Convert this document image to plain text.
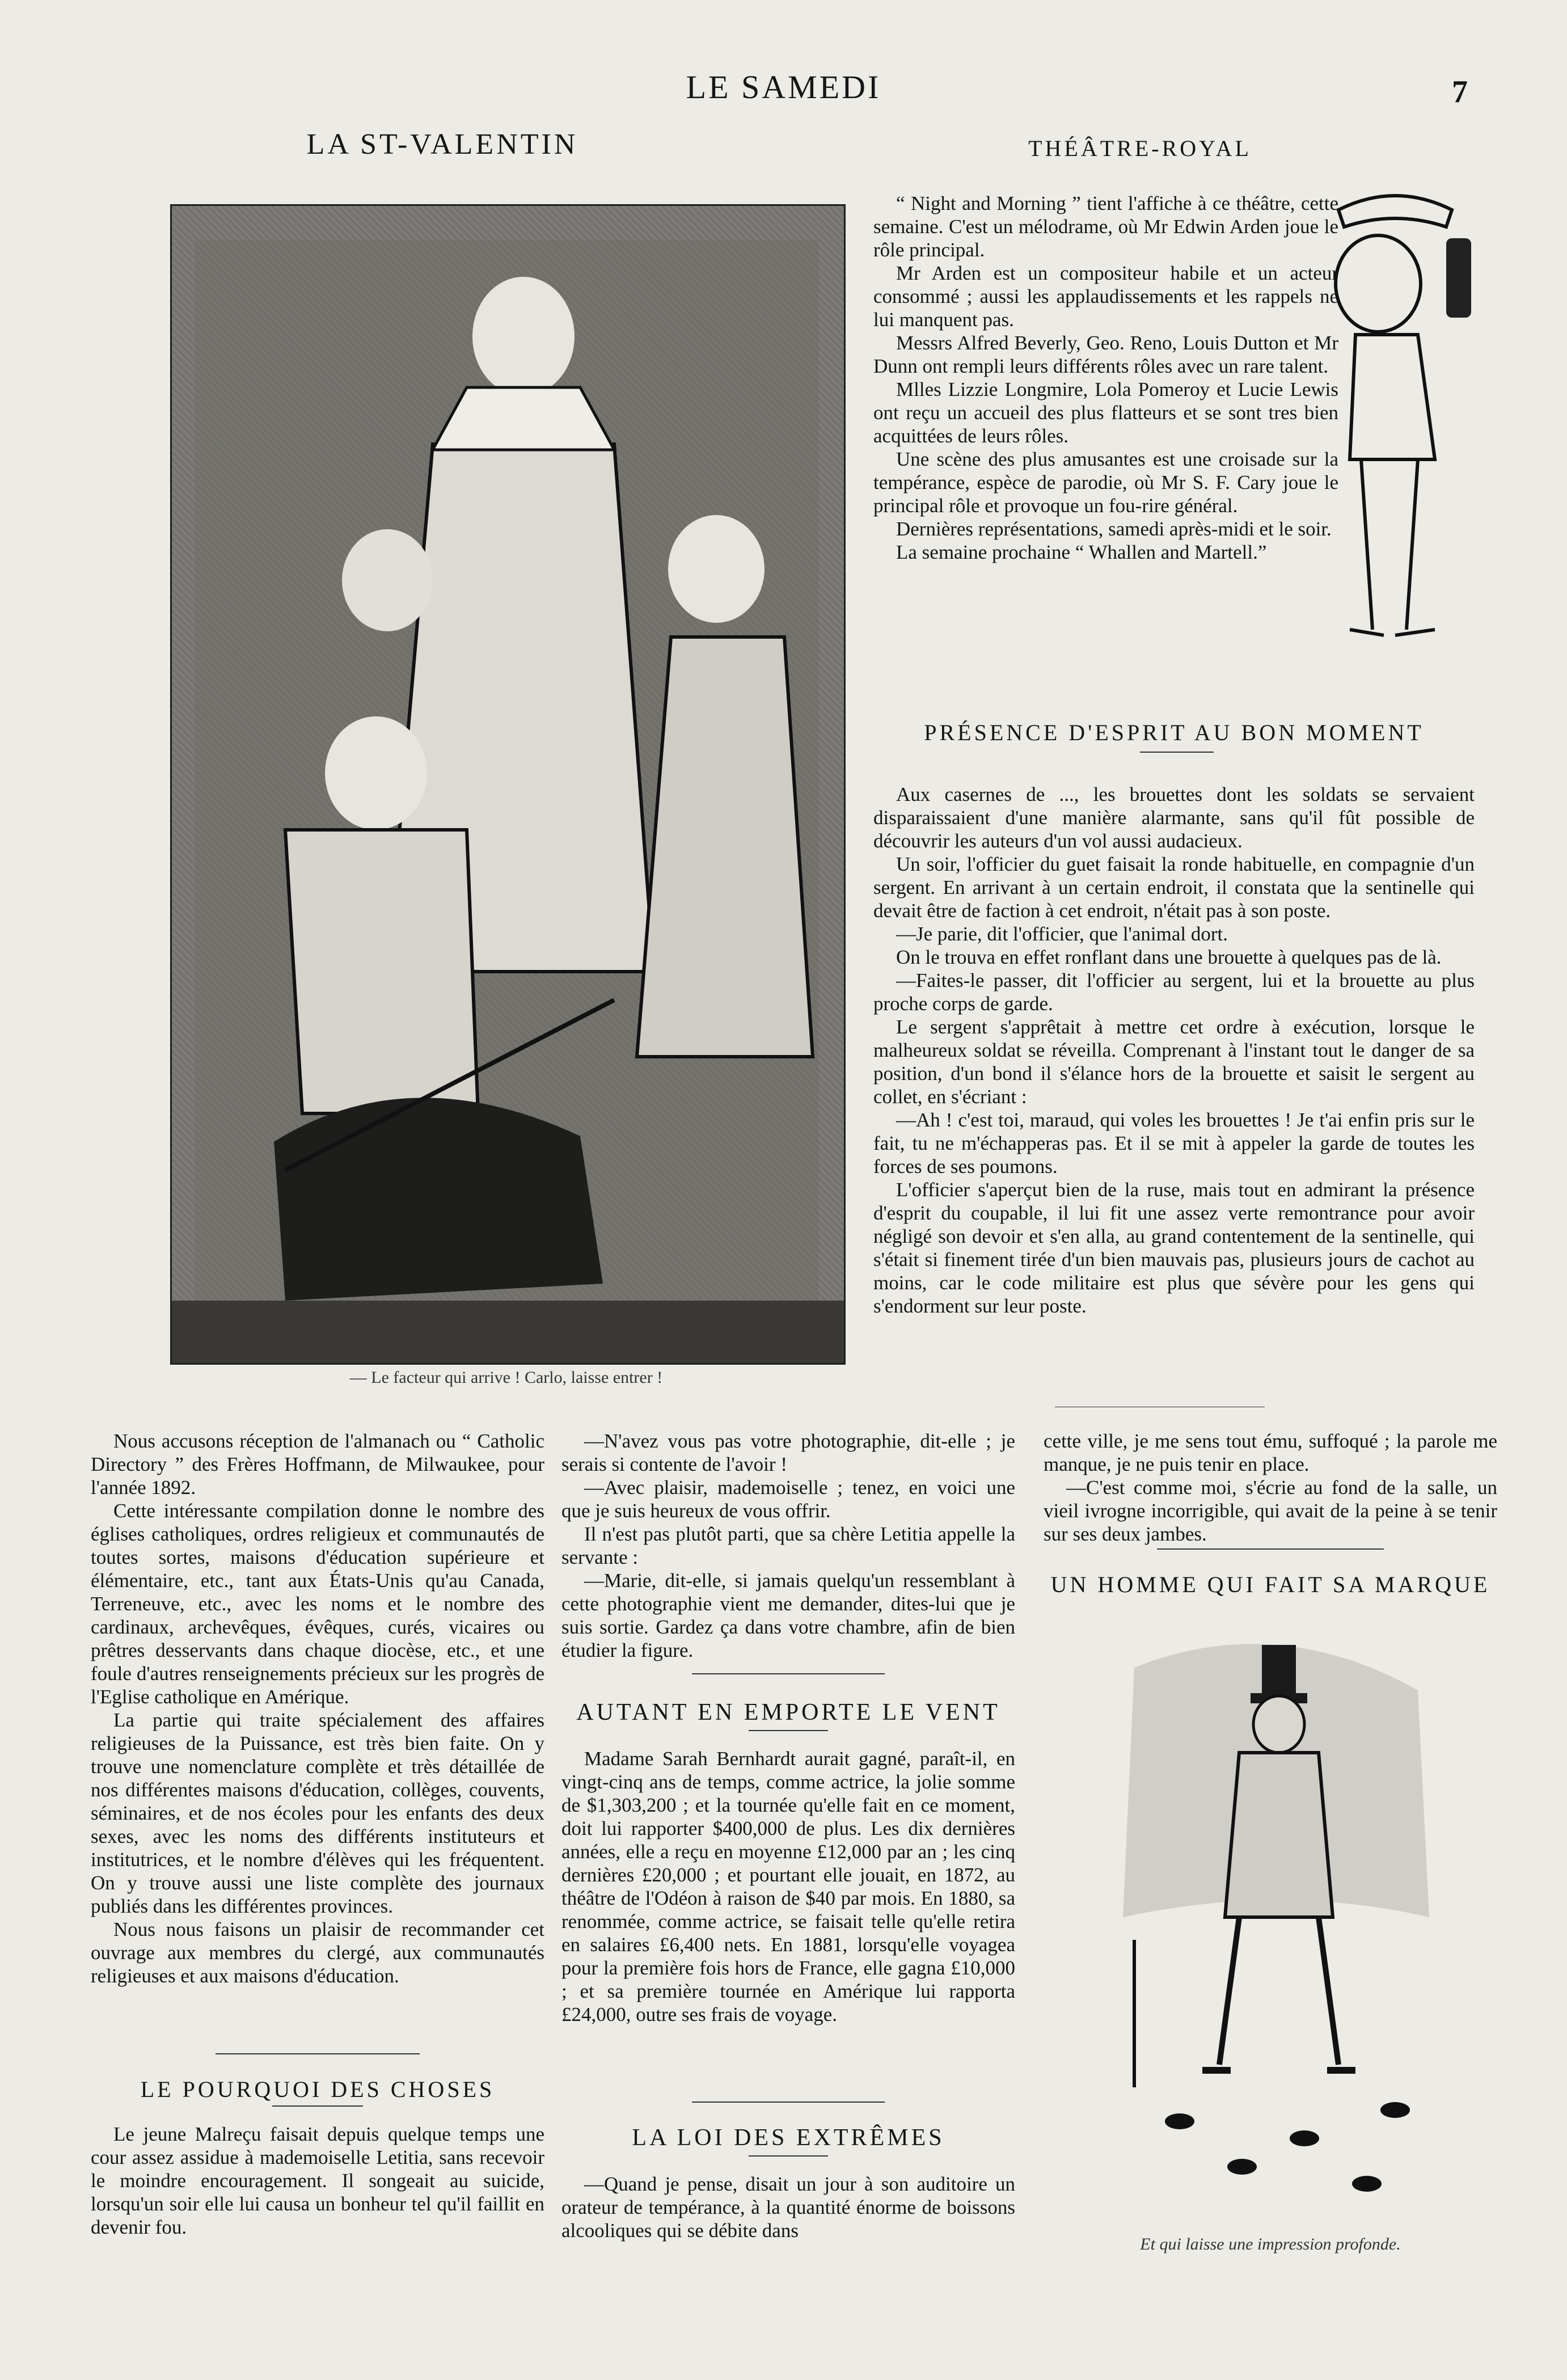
LE SAMEDI	7
LA ST-VALENTIN
— Le facteur qui arrive ! Carlo, laisse entrer !
THÉÂTRE-ROYAL

“ Night and Morning ” tient l'affiche à ce théâtre, cette semaine. C'est un mélodrame, où Mr Edwin Arden joue le rôle principal.

Mr Arden est un compositeur habile et un acteur consommé ; aussi les applaudissements et les rappels ne lui manquent pas.

Messrs Alfred Beverly, Geo. Reno, Louis Dutton et Mr Dunn ont rempli leurs différents rôles avec un rare talent.

Mlles Lizzie Longmire, Lola Pomeroy et Lucie Lewis ont reçu un accueil des plus flatteurs et se sont tres bien acquittées de leurs rôles.

Une scène des plus amusantes est une croisade sur la tempérance, espèce de parodie, où Mr S. F. Cary joue le principal rôle et provoque un fou-rire général.

Dernières représentations, samedi après-midi et le soir.

La semaine prochaine “ Whallen and Martell.”

PRÉSENCE D'ESPRIT AU BON MOMENT

Aux casernes de ..., les brouettes dont les soldats se servaient disparaissaient d'une manière alarmante, sans qu'il fût possible de découvrir les auteurs d'un vol aussi audacieux.

Un soir, l'officier du guet faisait la ronde habituelle, en compagnie d'un sergent. En arrivant à un certain endroit, il constata que la sentinelle qui devait être de faction à cet endroit, n'était pas à son poste.

—Je parie, dit l'officier, que l'animal dort.

On le trouva en effet ronflant dans une brouette à quelques pas de là.

—Faites-le passer, dit l'officier au sergent, lui et la brouette au plus proche corps de garde.

Le sergent s'apprêtait à mettre cet ordre à exécution, lorsque le malheureux soldat se réveilla. Comprenant à l'instant tout le danger de sa position, d'un bond il s'élance hors de la brouette et saisit le sergent au collet, en s'écriant :

—Ah ! c'est toi, maraud, qui voles les brouettes ! Je t'ai enfin pris sur le fait, tu ne m'échapperas pas. Et il se mit à appeler la garde de toutes les forces de ses poumons.

L'officier s'aperçut bien de la ruse, mais tout en admirant la présence d'esprit du coupable, il lui fit une assez verte remontrance pour avoir négligé son devoir et s'en alla, au grand contentement de la sentinelle, qui s'était si finement tirée d'un bien mauvais pas, plusieurs jours de cachot au moins, car le code militaire est plus que sévère pour les gens qui s'endorment sur leur poste.

Nous accusons réception de l'almanach ou “ Catholic Directory ” des Frères Hoffmann, de Milwaukee, pour l'année 1892.

Cette intéressante compilation donne le nombre des églises catholiques, ordres religieux et communautés de toutes sortes, maisons d'éducation supérieure et élémentaire, etc., tant aux États-Unis qu'au Canada, Terreneuve, etc., avec les noms et le nombre des cardinaux, archevêques, évêques, curés, vicaires ou prêtres desservants dans chaque diocèse, etc., et une foule d'autres renseignements précieux sur les progrès de l'Eglise catholique en Amérique.

La partie qui traite spécialement des affaires religieuses de la Puissance, est très bien faite. On y trouve une nomenclature complète et très détaillée de nos différentes maisons d'éducation, collèges, couvents, séminaires, et de nos écoles pour les enfants des deux sexes, avec les noms des différents instituteurs et institutrices, et le nombre d'élèves qui les fréquentent. On y trouve aussi une liste complète des journaux publiés dans les différentes provinces.

Nous nous faisons un plaisir de recommander cet ouvrage aux membres du clergé, aux communautés religieuses et aux maisons d'éducation.

LE POURQUOI DES CHOSES

Le jeune Malreçu faisait depuis quelque temps une cour assez assidue à mademoiselle Letitia, sans recevoir le moindre encouragement. Il songeait au suicide, lorsqu'un soir elle lui causa un bonheur tel qu'il faillit en devenir fou.

—N'avez vous pas votre photographie, dit-elle ; je serais si contente de l'avoir !

—Avec plaisir, mademoiselle ; tenez, en voici une que je suis heureux de vous offrir.

Il n'est pas plutôt parti, que sa chère Letitia appelle la servante :

—Marie, dit-elle, si jamais quelqu'un ressemblant à cette photographie vient me demander, dites-lui que je suis sortie. Gardez ça dans votre chambre, afin de bien étudier la figure.

AUTANT EN EMPORTE LE VENT

Madame Sarah Bernhardt aurait gagné, paraît-il, en vingt-cinq ans de temps, comme actrice, la jolie somme de $1,303,200 ; et la tournée qu'elle fait en ce moment, doit lui rapporter $400,000 de plus. Les dix dernières années, elle a reçu en moyenne £12,000 par an ; les cinq dernières £20,000 ; et pourtant elle jouait, en 1872, au théâtre de l'Odéon à raison de $40 par mois. En 1880, sa renommée, comme actrice, se faisait telle qu'elle retira en salaires £6,400 nets. En 1881, lorsqu'elle voyagea pour la première fois hors de France, elle gagna £10,000 ; et sa première tournée en Amérique lui rapporta £24,000, outre ses frais de voyage.

LA LOI DES EXTRÊMES

—Quand je pense, disait un jour à son auditoire un orateur de tempérance, à la quantité énorme de boissons alcooliques qui se débite dans

cette ville, je me sens tout ému, suffoqué ; la parole me manque, je ne puis tenir en place.

—C'est comme moi, s'écrie au fond de la salle, un vieil ivrogne incorrigible, qui avait de la peine à se tenir sur ses deux jambes.

UN HOMME QUI FAIT SA MARQUE
Et qui laisse une impression profonde.
